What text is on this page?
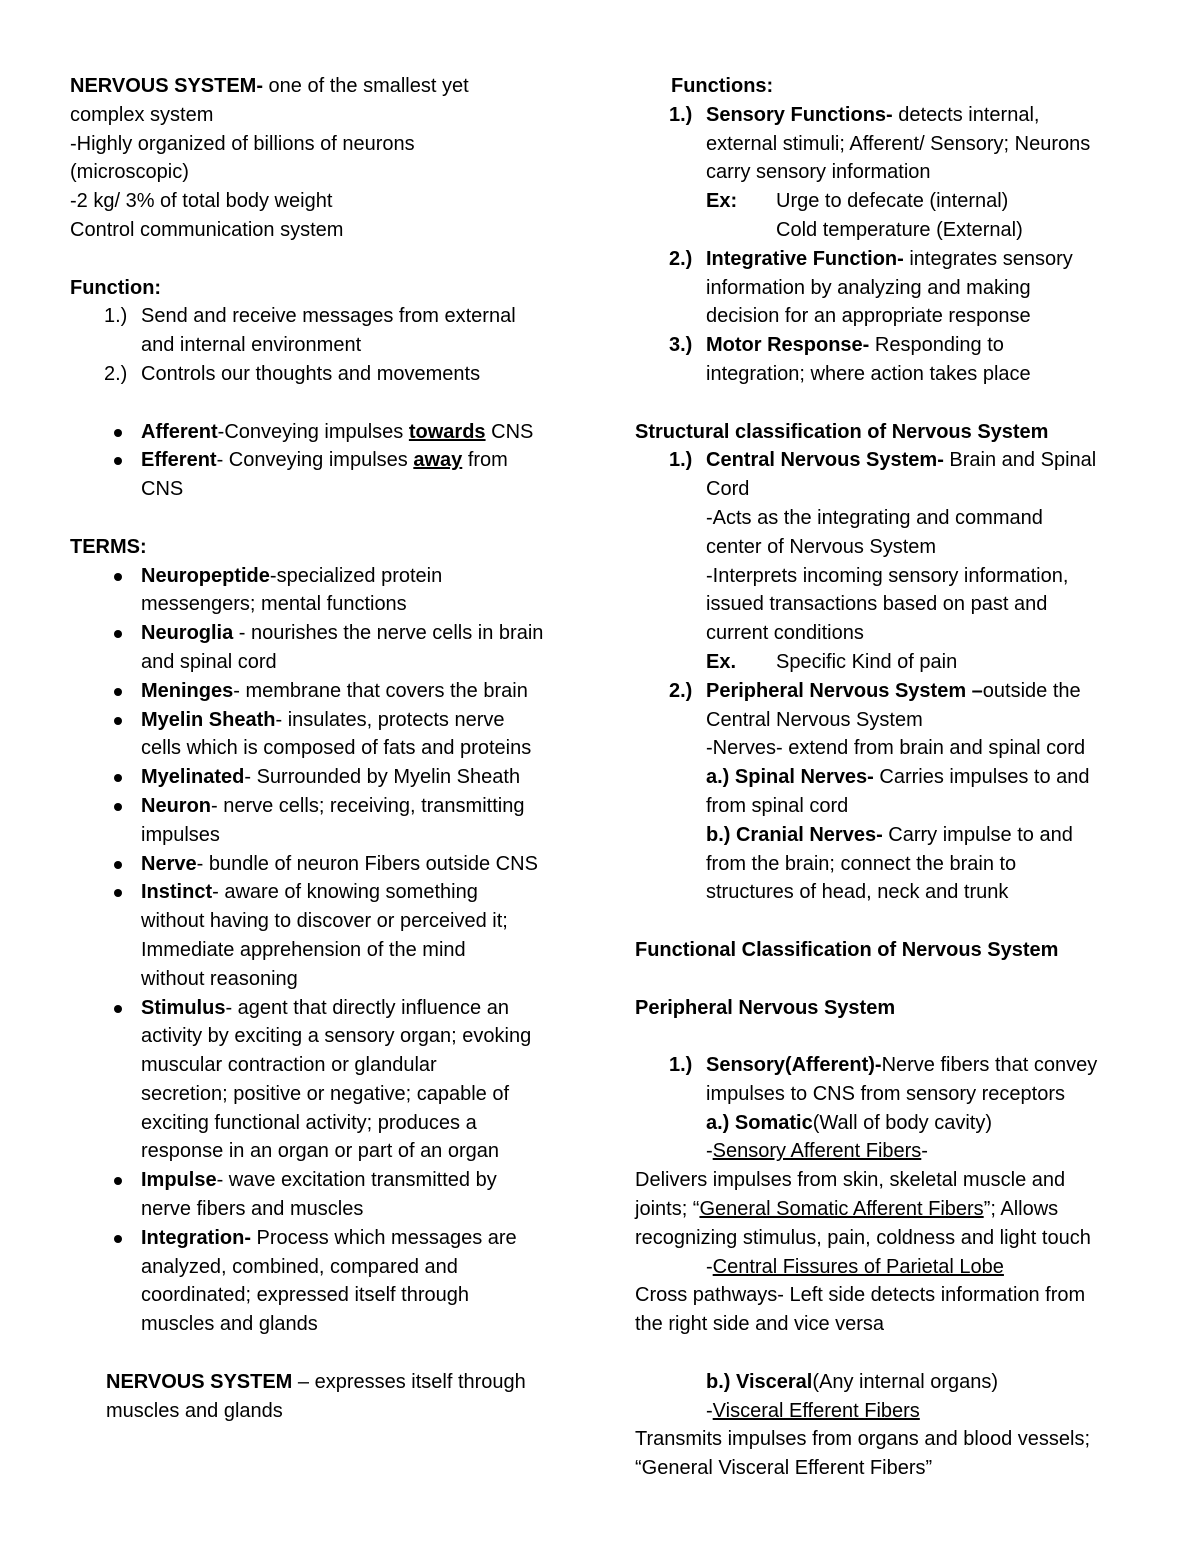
NERVOUS SYSTEM- one of the smallest yet
complex system
-Highly organized of billions of neurons
(microscopic)
-2 kg/ 3% of total body weight
Control communication system
Function:
1.) Send and receive messages from external
and internal environment
2.) Controls our thoughts and movements
Afferent-Conveying impulses towards CNS
Efferent- Conveying impulses away from
CNS
TERMS:
Neuropeptide-specialized protein
messengers; mental functions
Neuroglia - nourishes the nerve cells in brain
and spinal cord
Meninges- membrane that covers the brain
Myelin Sheath- insulates, protects nerve
cells which is composed of fats and proteins
Myelinated- Surrounded by Myelin Sheath
Neuron- nerve cells; receiving, transmitting
impulses
Nerve- bundle of neuron Fibers outside CNS
Instinct- aware of knowing something
without having to discover or perceived it;
Immediate apprehension of the mind
without reasoning
Stimulus- agent that directly influence an
activity by exciting a sensory organ; evoking
muscular contraction or glandular
secretion; positive or negative; capable of
exciting functional activity; produces a
response in an organ or part of an organ
Impulse- wave excitation transmitted by
nerve fibers and muscles
Integration- Process which messages are
analyzed, combined, compared and
coordinated; expressed itself through
muscles and glands
NERVOUS SYSTEM – expresses itself through
muscles and glands
Functions:
1.) Sensory Functions- detects internal,
external stimuli; Afferent/ Sensory; Neurons
carry sensory information
Ex: Urge to defecate (internal)
Cold temperature (External)
2.) Integrative Function- integrates sensory
information by analyzing and making
decision for an appropriate response
3.) Motor Response- Responding to
integration; where action takes place
Structural classification of Nervous System
1.) Central Nervous System- Brain and Spinal
Cord
-Acts as the integrating and command
center of Nervous System
-Interprets incoming sensory information,
issued transactions based on past and
current conditions
Ex. Specific Kind of pain
2.) Peripheral Nervous System –outside the
Central Nervous System
-Nerves- extend from brain and spinal cord
a.) Spinal Nerves- Carries impulses to and
from spinal cord
b.) Cranial Nerves- Carry impulse to and
from the brain; connect the brain to
structures of head, neck and trunk
Functional Classification of Nervous System
Peripheral Nervous System
1.) Sensory(Afferent)-Nerve fibers that convey
impulses to CNS from sensory receptors
a.) Somatic(Wall of body cavity)
-Sensory Afferent Fibers-
Delivers impulses from skin, skeletal muscle and
joints; “General Somatic Afferent Fibers”; Allows
recognizing stimulus, pain, coldness and light touch
-Central Fissures of Parietal Lobe
Cross pathways- Left side detects information from
the right side and vice versa
b.) Visceral(Any internal organs)
-Visceral Efferent Fibers
Transmits impulses from organs and blood vessels;
“General Visceral Efferent Fibers”
